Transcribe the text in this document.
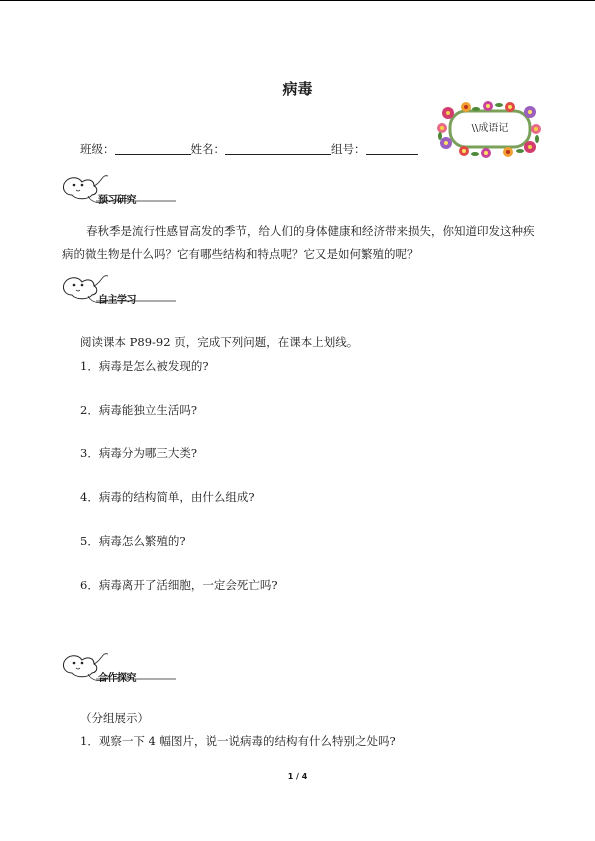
病毒
\\成语记
班级：	姓名：	组号：
预习研究
春秋季是流行性感冒高发的季节，给人们的身体健康和经济带来损失，你知道印发这种疾病的微生物是什么吗？它有哪些结构和特点呢？它又是如何繁殖的呢？
自主学习
阅读课本 P89-92 页，完成下列问题，在课本上划线。
1．病毒是怎么被发现的?
2．病毒能独立生活吗?
3．病毒分为哪三大类?
4．病毒的结构简单，由什么组成?
5．病毒怎么繁殖的?
6．病毒离开了活细胞，一定会死亡吗?
合作探究
（分组展示）
1．观察一下 4 幅图片，说一说病毒的结构有什么特别之处吗?
1 / 4
